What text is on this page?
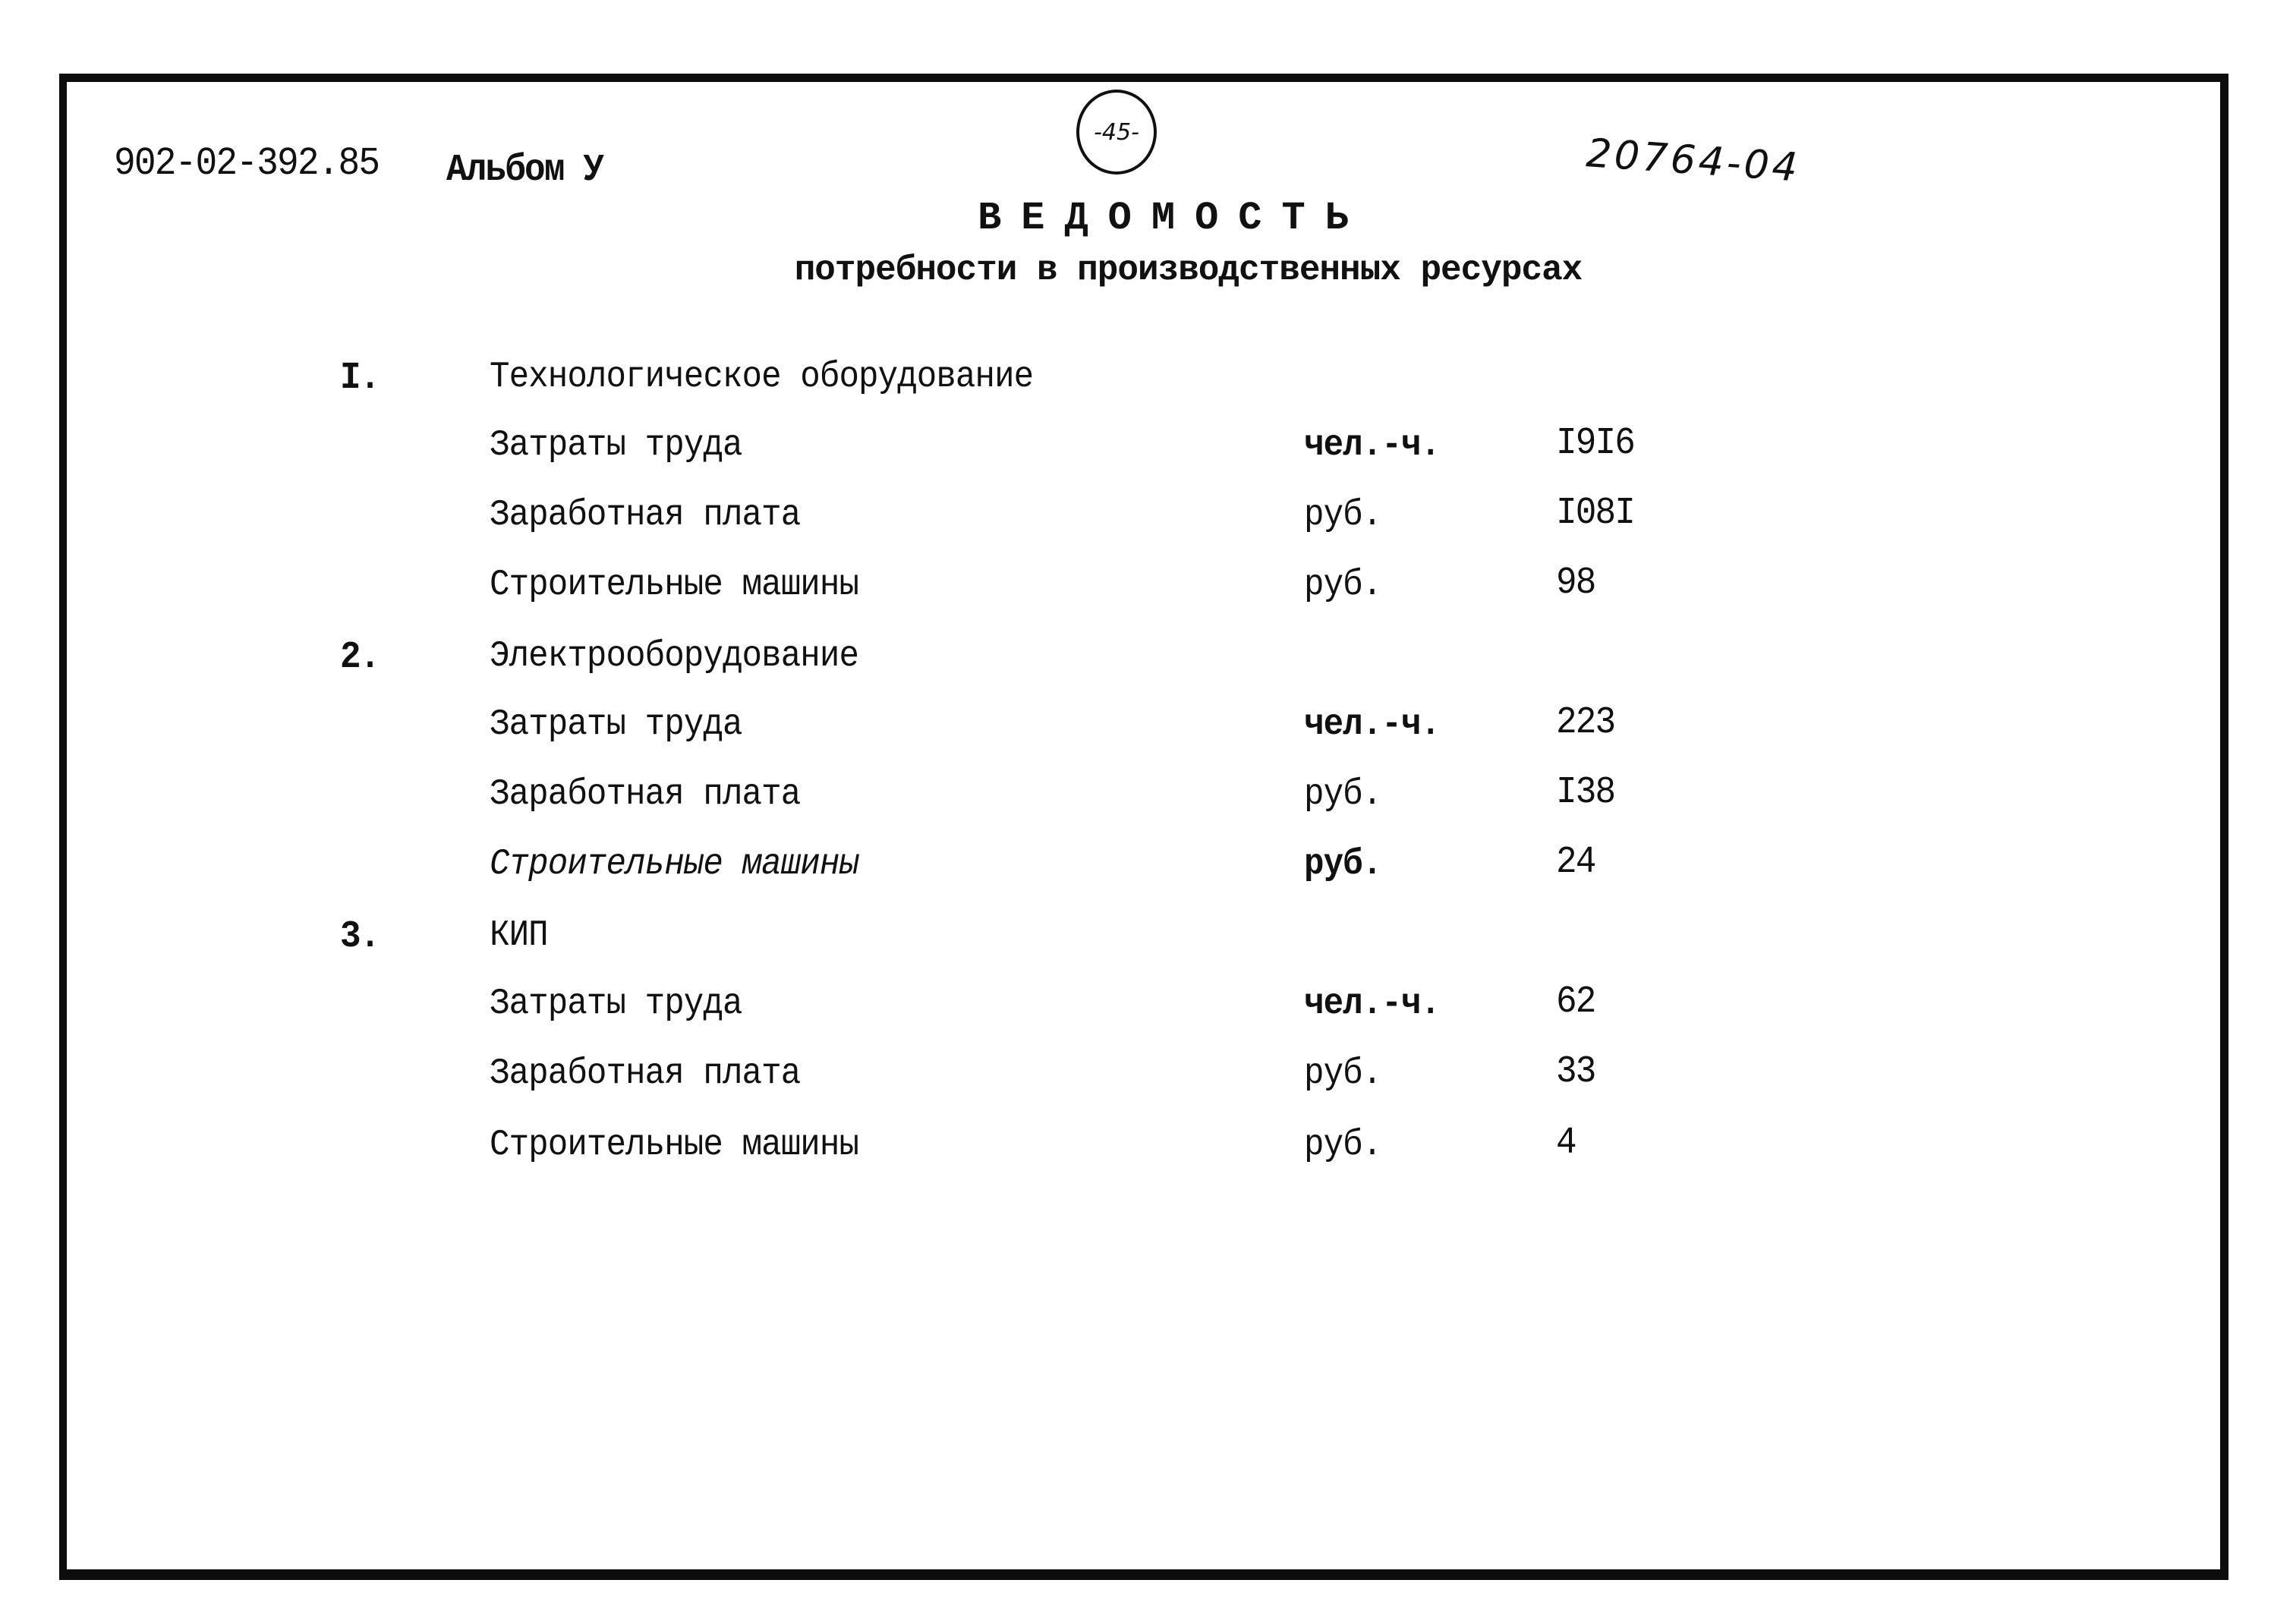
902-02-392.85 Альбом У
-45-	20764-04
ВЕДОМОСТЬ
потребности в производственных ресурсах
I.	Технологическое оборудование
Затраты труда	чел.-ч.	I9I6
Заработная плата	руб.	I08I
Строительные машины	руб.	98
2.	Электрооборудование
Затраты труда	чел.-ч.	223
Заработная плата	руб.	I38
Строительные машины	руб.	24
3.	КИП
Затраты труда	чел.-ч.	62
Заработная плата	руб.	33
Строительные машины	руб.	4
